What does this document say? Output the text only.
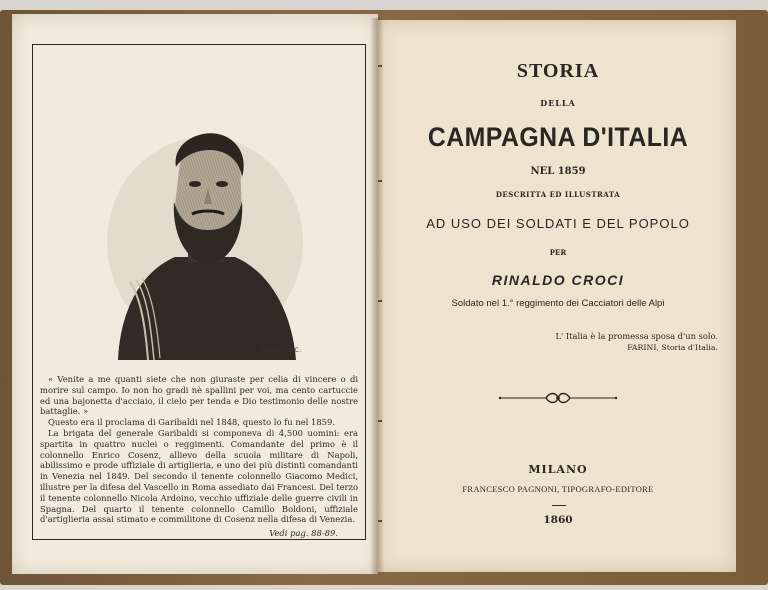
BALDI. INC.

« Venite a me quanti siete che non giuraste per celia di vincere o di morire sul campo. Io non ho gradi nè spallini per voi, ma cento cartuccie ed una bajonetta d'acciaio, il cielo per tenda e Dio testimonio delle nostre battaglie. »

Questo era il proclama di Garibaldi nel 1848, questo lo fu nel 1859.

La brigata del generale Garibaldi si componeva di 4,500 uomini: era spartita in quattro nuclei o reggimenti. Comandante del primo è il colonnello Enrico Cosenz, allievo della scuola militare di Napoli, abilissimo e prode uffiziale di artiglieria, e uno dei più distinti comandanti in Venezia nel 1849. Del secondo il tenente colonnello Giacomo Medici, illustre per la difesa del Vascello in Roma assediato dai Francesi. Del terzo il tenente colonnello Nicola Ardoino, vecchio uffiziale delle guerre civili in Spagna. Del quarto il tenente colonnello Camillo Boldoni, uffiziale d'artiglieria assai stimato e commilitone di Cosenz nella difesa di Venezia.

Vedi pag. 88-89.

STORIA
DELLA
CAMPAGNA D'ITALIA
NEL 1859
DESCRITTA ED ILLUSTRATA
AD USO DEI SOLDATI E DEL POPOLO
PER
RINALDO CROCI
Soldato nel 1.° reggimento dei Cacciatori delle Alpi
L' Italia è la promessa sposa d'un solo.
FARINI, Storia d'Italia.
MILANO
FRANCESCO PAGNONI, TIPOGRAFO-EDITORE
1860
